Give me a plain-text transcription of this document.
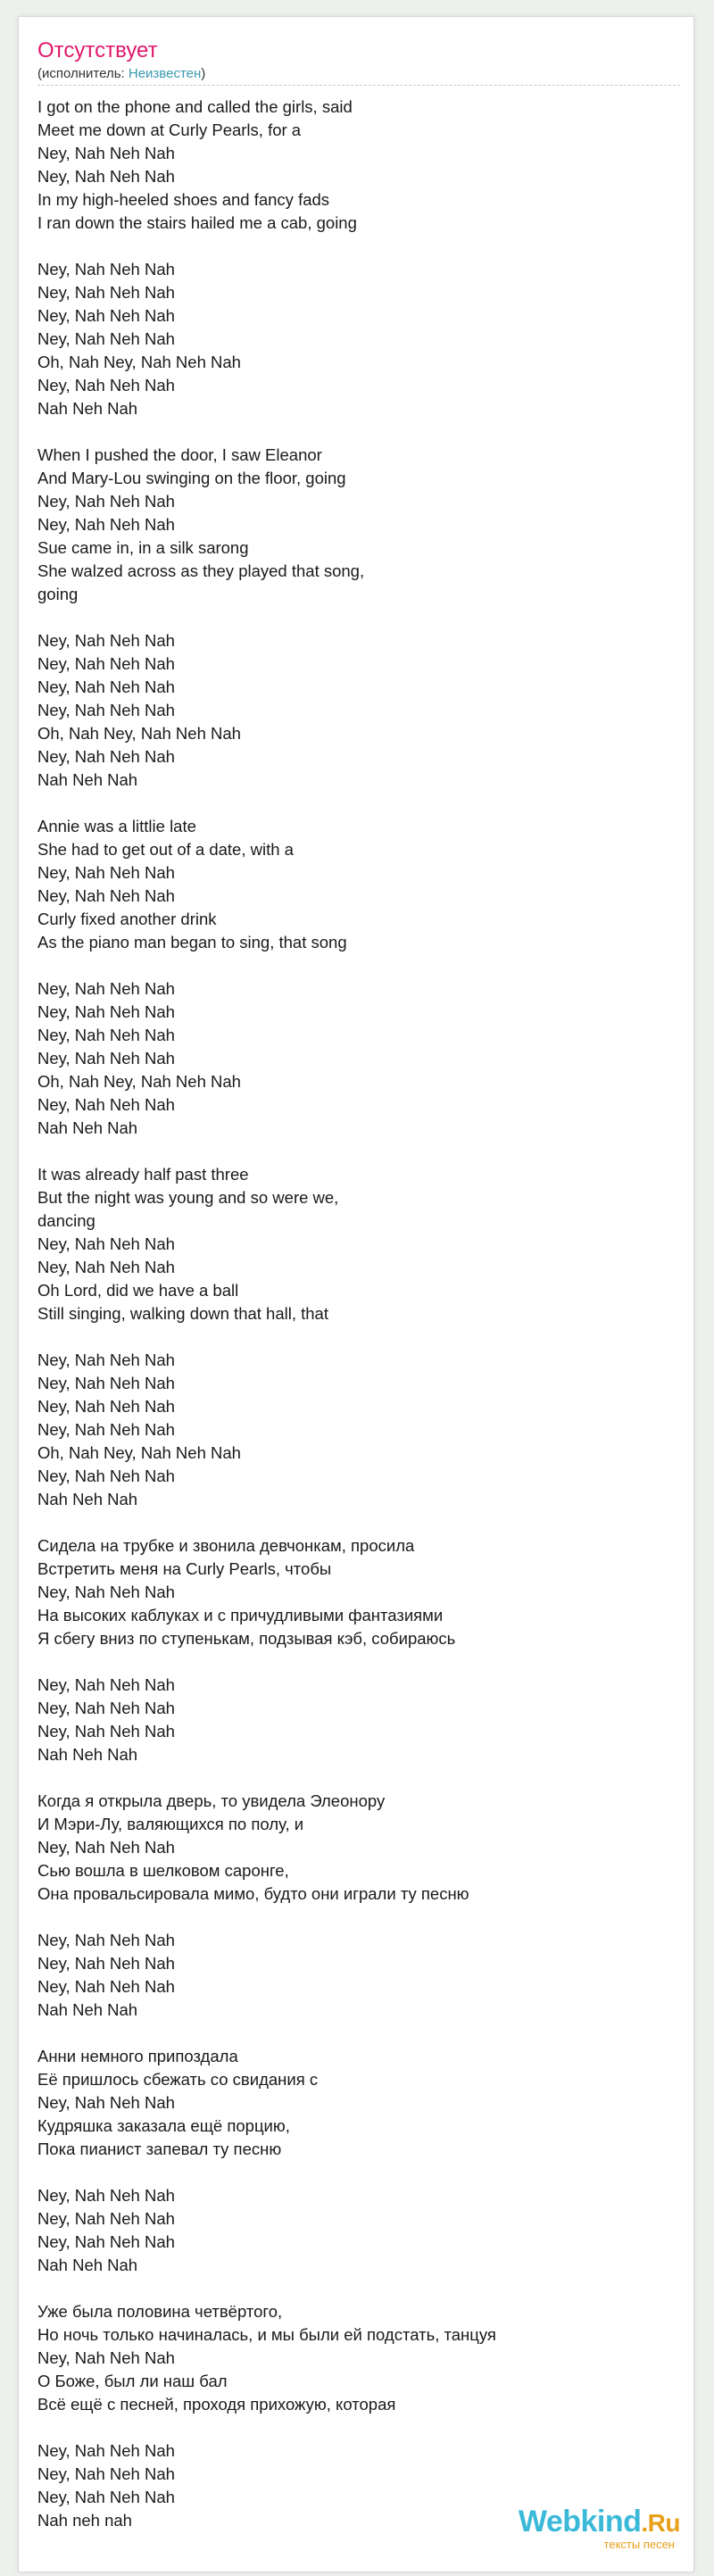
Отсутствует
(исполнитель: Неизвестен)
I got on the phone and called the girls, said
Meet me down at Curly Pearls, for a
Ney, Nah Neh Nah
Ney, Nah Neh Nah
In my high-heeled shoes and fancy fads
I ran down the stairs hailed me a cab, going
Ney, Nah Neh Nah
Ney, Nah Neh Nah
Ney, Nah Neh Nah
Ney, Nah Neh Nah
Oh, Nah Ney, Nah Neh Nah
Ney, Nah Neh Nah
Nah Neh Nah
When I pushed the door, I saw Eleanor
And Mary-Lou swinging on the floor, going
Ney, Nah Neh Nah
Ney, Nah Neh Nah
Sue came in, in a silk sarong
She walzed across as they played that song,
going
Ney, Nah Neh Nah
Ney, Nah Neh Nah
Ney, Nah Neh Nah
Ney, Nah Neh Nah
Oh, Nah Ney, Nah Neh Nah
Ney, Nah Neh Nah
Nah Neh Nah
Annie was a littlie late
She had to get out of a date, with a
Ney, Nah Neh Nah
Ney, Nah Neh Nah
Curly fixed another drink
As the piano man began to sing, that song
Ney, Nah Neh Nah
Ney, Nah Neh Nah
Ney, Nah Neh Nah
Ney, Nah Neh Nah
Oh, Nah Ney, Nah Neh Nah
Ney, Nah Neh Nah
Nah Neh Nah
It was already half past three
But the night was young and so were we,
dancing
Ney, Nah Neh Nah
Ney, Nah Neh Nah
Oh Lord, did we have a ball
Still singing, walking down that hall, that
Ney, Nah Neh Nah
Ney, Nah Neh Nah
Ney, Nah Neh Nah
Ney, Nah Neh Nah
Oh, Nah Ney, Nah Neh Nah
Ney, Nah Neh Nah
Nah Neh Nah
Сидела на трубке и звонила девчонкам, просила
Встретить меня на Curly Pearls, чтобы
Ney, Nah Neh Nah
На высоких каблуках и с причудливыми фантазиями
Я сбегу вниз по ступенькам, подзывая кэб, собираюсь
Ney, Nah Neh Nah
Ney, Nah Neh Nah
Ney, Nah Neh Nah
Nah Neh Nah
Когда я открыла дверь, то увидела Элеонору
И Мэри-Лу, валяющихся по полу, и
Ney, Nah Neh Nah
Сью вошла в шелковом саронге,
Она провальсировала мимо, будто они играли ту песню
Ney, Nah Neh Nah
Ney, Nah Neh Nah
Ney, Nah Neh Nah
Nah Neh Nah
Анни немного припоздала
Её пришлось сбежать со свидания с
Ney, Nah Neh Nah
Кудряшка заказала ещё порцию,
Пока пианист запевал ту песню
Ney, Nah Neh Nah
Ney, Nah Neh Nah
Ney, Nah Neh Nah
Nah Neh Nah
Уже была половина четвёртого,
Но ночь только начиналась, и мы были ей подстать, танцуя
Ney, Nah Neh Nah
О Боже, был ли наш бал
Всё ещё с песней, проходя прихожую, которая
Ney, Nah Neh Nah
Ney, Nah Neh Nah
Ney, Nah Neh Nah
Nah neh nah	Webkind.Ru
тексты песен
